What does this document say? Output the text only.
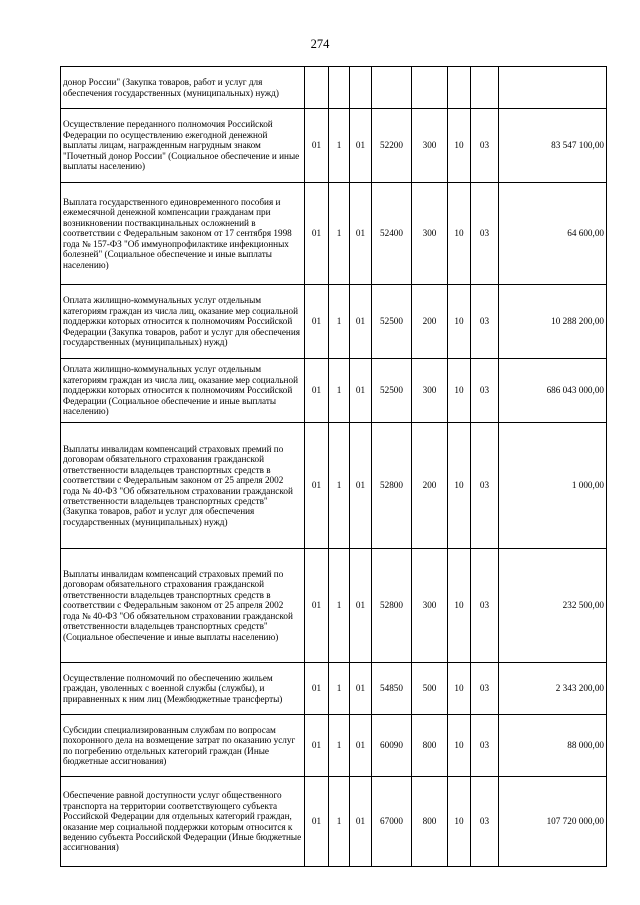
274
донор России" (Закупка товаров, работ и услуг для обеспечения государственных (муниципальных) нужд)								
Осуществление переданного полномочия Российской Федерации по осуществлению ежегодной денежной выплаты лицам, награжденным нагрудным знаком "Почетный донор России" (Социальное обеспечение и иные выплаты населению)	01	1	01	52200	300	10	03	83 547 100,00
Выплата государственного единовременного пособия и ежемесячной денежной компенсации гражданам при возникновении поствакцинальных осложнений в соответствии с Федеральным законом от 17 сентября 1998 года № 157-ФЗ "Об иммунопрофилактике инфекционных болезней" (Социальное обеспечение и иные выплаты населению)	01	1	01	52400	300	10	03	64 600,00
Оплата жилищно-коммунальных услуг отдельным категориям граждан из числа лиц, оказание мер социальной поддержки которых относится к полномочиям Российской Федерации (Закупка товаров, работ и услуг для обеспечения государственных (муниципальных) нужд)	01	1	01	52500	200	10	03	10 288 200,00
Оплата жилищно-коммунальных услуг отдельным категориям граждан из числа лиц, оказание мер социальной поддержки которых относится к полномочиям Российской Федерации (Социальное обеспечение и иные выплаты населению)	01	1	01	52500	300	10	03	686 043 000,00
Выплаты инвалидам компенсаций страховых премий по договорам обязательного страхования гражданской ответственности владельцев транспортных средств в соответствии с Федеральным законом от 25 апреля 2002 года № 40-ФЗ "Об обязательном страховании гражданской ответственности владельцев транспортных средств" (Закупка товаров, работ и услуг для обеспечения государственных (муниципальных) нужд)	01	1	01	52800	200	10	03	1 000,00
Выплаты инвалидам компенсаций страховых премий по договорам обязательного страхования гражданской ответственности владельцев транспортных средств в соответствии с Федеральным законом от 25 апреля 2002 года № 40-ФЗ "Об обязательном страховании гражданской ответственности владельцев транспортных средств" (Социальное обеспечение и иные выплаты населению)	01	1	01	52800	300	10	03	232 500,00
Осуществление полномочий по обеспечению жильем граждан, уволенных с военной службы (службы), и приравненных к ним лиц (Межбюджетные трансферты)	01	1	01	54850	500	10	03	2 343 200,00
Субсидии специализированным службам по вопросам похоронного дела на возмещение затрат по оказанию услуг по погребению отдельных категорий граждан (Иные бюджетные ассигнования)	01	1	01	60090	800	10	03	88 000,00
Обеспечение равной доступности услуг общественного транспорта на территории соответствующего субъекта Российской Федерации для отдельных категорий граждан, оказание мер социальной поддержки которым относится к ведению субъекта Российской Федерации (Иные бюджетные ассигнования)	01	1	01	67000	800	10	03	107 720 000,00
